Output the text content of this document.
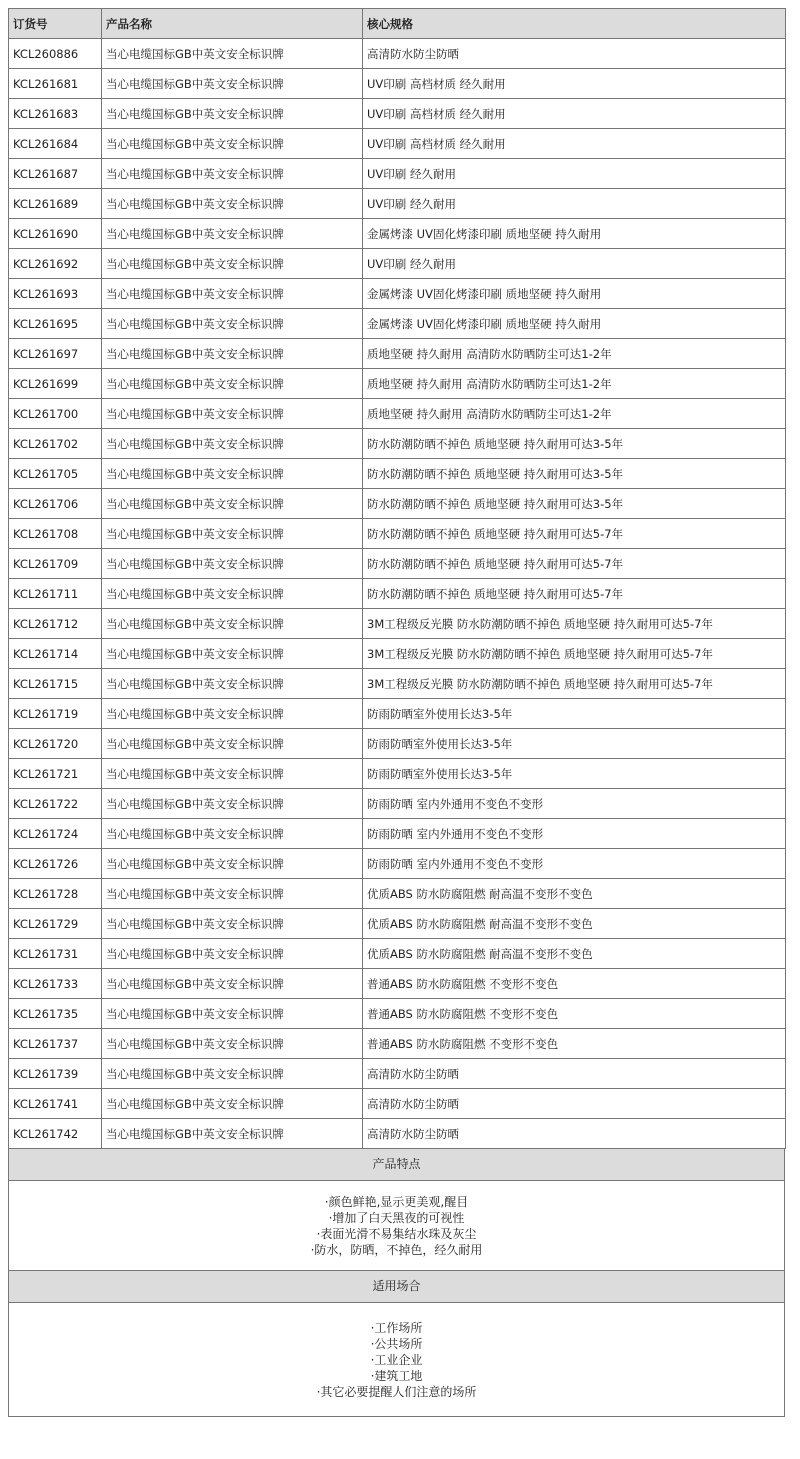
订货号	产品名称	核心规格
KCL260886	当心电缆国标GB中英文安全标识牌	高清防水防尘防晒
KCL261681	当心电缆国标GB中英文安全标识牌	UV印刷 高档材质 经久耐用
KCL261683	当心电缆国标GB中英文安全标识牌	UV印刷 高档材质 经久耐用
KCL261684	当心电缆国标GB中英文安全标识牌	UV印刷 高档材质 经久耐用
KCL261687	当心电缆国标GB中英文安全标识牌	UV印刷 经久耐用
KCL261689	当心电缆国标GB中英文安全标识牌	UV印刷 经久耐用
KCL261690	当心电缆国标GB中英文安全标识牌	金属烤漆 UV固化烤漆印刷 质地坚硬 持久耐用
KCL261692	当心电缆国标GB中英文安全标识牌	UV印刷 经久耐用
KCL261693	当心电缆国标GB中英文安全标识牌	金属烤漆 UV固化烤漆印刷 质地坚硬 持久耐用
KCL261695	当心电缆国标GB中英文安全标识牌	金属烤漆 UV固化烤漆印刷 质地坚硬 持久耐用
KCL261697	当心电缆国标GB中英文安全标识牌	质地坚硬 持久耐用 高清防水防晒防尘可达1-2年
KCL261699	当心电缆国标GB中英文安全标识牌	质地坚硬 持久耐用 高清防水防晒防尘可达1-2年
KCL261700	当心电缆国标GB中英文安全标识牌	质地坚硬 持久耐用 高清防水防晒防尘可达1-2年
KCL261702	当心电缆国标GB中英文安全标识牌	防水防潮防晒不掉色 质地坚硬 持久耐用可达3-5年
KCL261705	当心电缆国标GB中英文安全标识牌	防水防潮防晒不掉色 质地坚硬 持久耐用可达3-5年
KCL261706	当心电缆国标GB中英文安全标识牌	防水防潮防晒不掉色 质地坚硬 持久耐用可达3-5年
KCL261708	当心电缆国标GB中英文安全标识牌	防水防潮防晒不掉色 质地坚硬 持久耐用可达5-7年
KCL261709	当心电缆国标GB中英文安全标识牌	防水防潮防晒不掉色 质地坚硬 持久耐用可达5-7年
KCL261711	当心电缆国标GB中英文安全标识牌	防水防潮防晒不掉色 质地坚硬 持久耐用可达5-7年
KCL261712	当心电缆国标GB中英文安全标识牌	3M工程级反光膜 防水防潮防晒不掉色 质地坚硬 持久耐用可达5-7年
KCL261714	当心电缆国标GB中英文安全标识牌	3M工程级反光膜 防水防潮防晒不掉色 质地坚硬 持久耐用可达5-7年
KCL261715	当心电缆国标GB中英文安全标识牌	3M工程级反光膜 防水防潮防晒不掉色 质地坚硬 持久耐用可达5-7年
KCL261719	当心电缆国标GB中英文安全标识牌	防雨防晒室外使用长达3-5年
KCL261720	当心电缆国标GB中英文安全标识牌	防雨防晒室外使用长达3-5年
KCL261721	当心电缆国标GB中英文安全标识牌	防雨防晒室外使用长达3-5年
KCL261722	当心电缆国标GB中英文安全标识牌	防雨防晒 室内外通用不变色不变形
KCL261724	当心电缆国标GB中英文安全标识牌	防雨防晒 室内外通用不变色不变形
KCL261726	当心电缆国标GB中英文安全标识牌	防雨防晒 室内外通用不变色不变形
KCL261728	当心电缆国标GB中英文安全标识牌	优质ABS 防水防腐阻燃 耐高温不变形不变色
KCL261729	当心电缆国标GB中英文安全标识牌	优质ABS 防水防腐阻燃 耐高温不变形不变色
KCL261731	当心电缆国标GB中英文安全标识牌	优质ABS 防水防腐阻燃 耐高温不变形不变色
KCL261733	当心电缆国标GB中英文安全标识牌	普通ABS 防水防腐阻燃 不变形不变色
KCL261735	当心电缆国标GB中英文安全标识牌	普通ABS 防水防腐阻燃 不变形不变色
KCL261737	当心电缆国标GB中英文安全标识牌	普通ABS 防水防腐阻燃 不变形不变色
KCL261739	当心电缆国标GB中英文安全标识牌	高清防水防尘防晒
KCL261741	当心电缆国标GB中英文安全标识牌	高清防水防尘防晒
KCL261742	当心电缆国标GB中英文安全标识牌	高清防水防尘防晒
产品特点
·颜色鲜艳,显示更美观,醒目
·增加了白天黑夜的可视性
·表面光滑不易集结水珠及灰尘
·防水，防晒，不掉色，经久耐用
适用场合
·工作场所
·公共场所
·工业企业
·建筑工地
·其它必要提醒人们注意的场所
